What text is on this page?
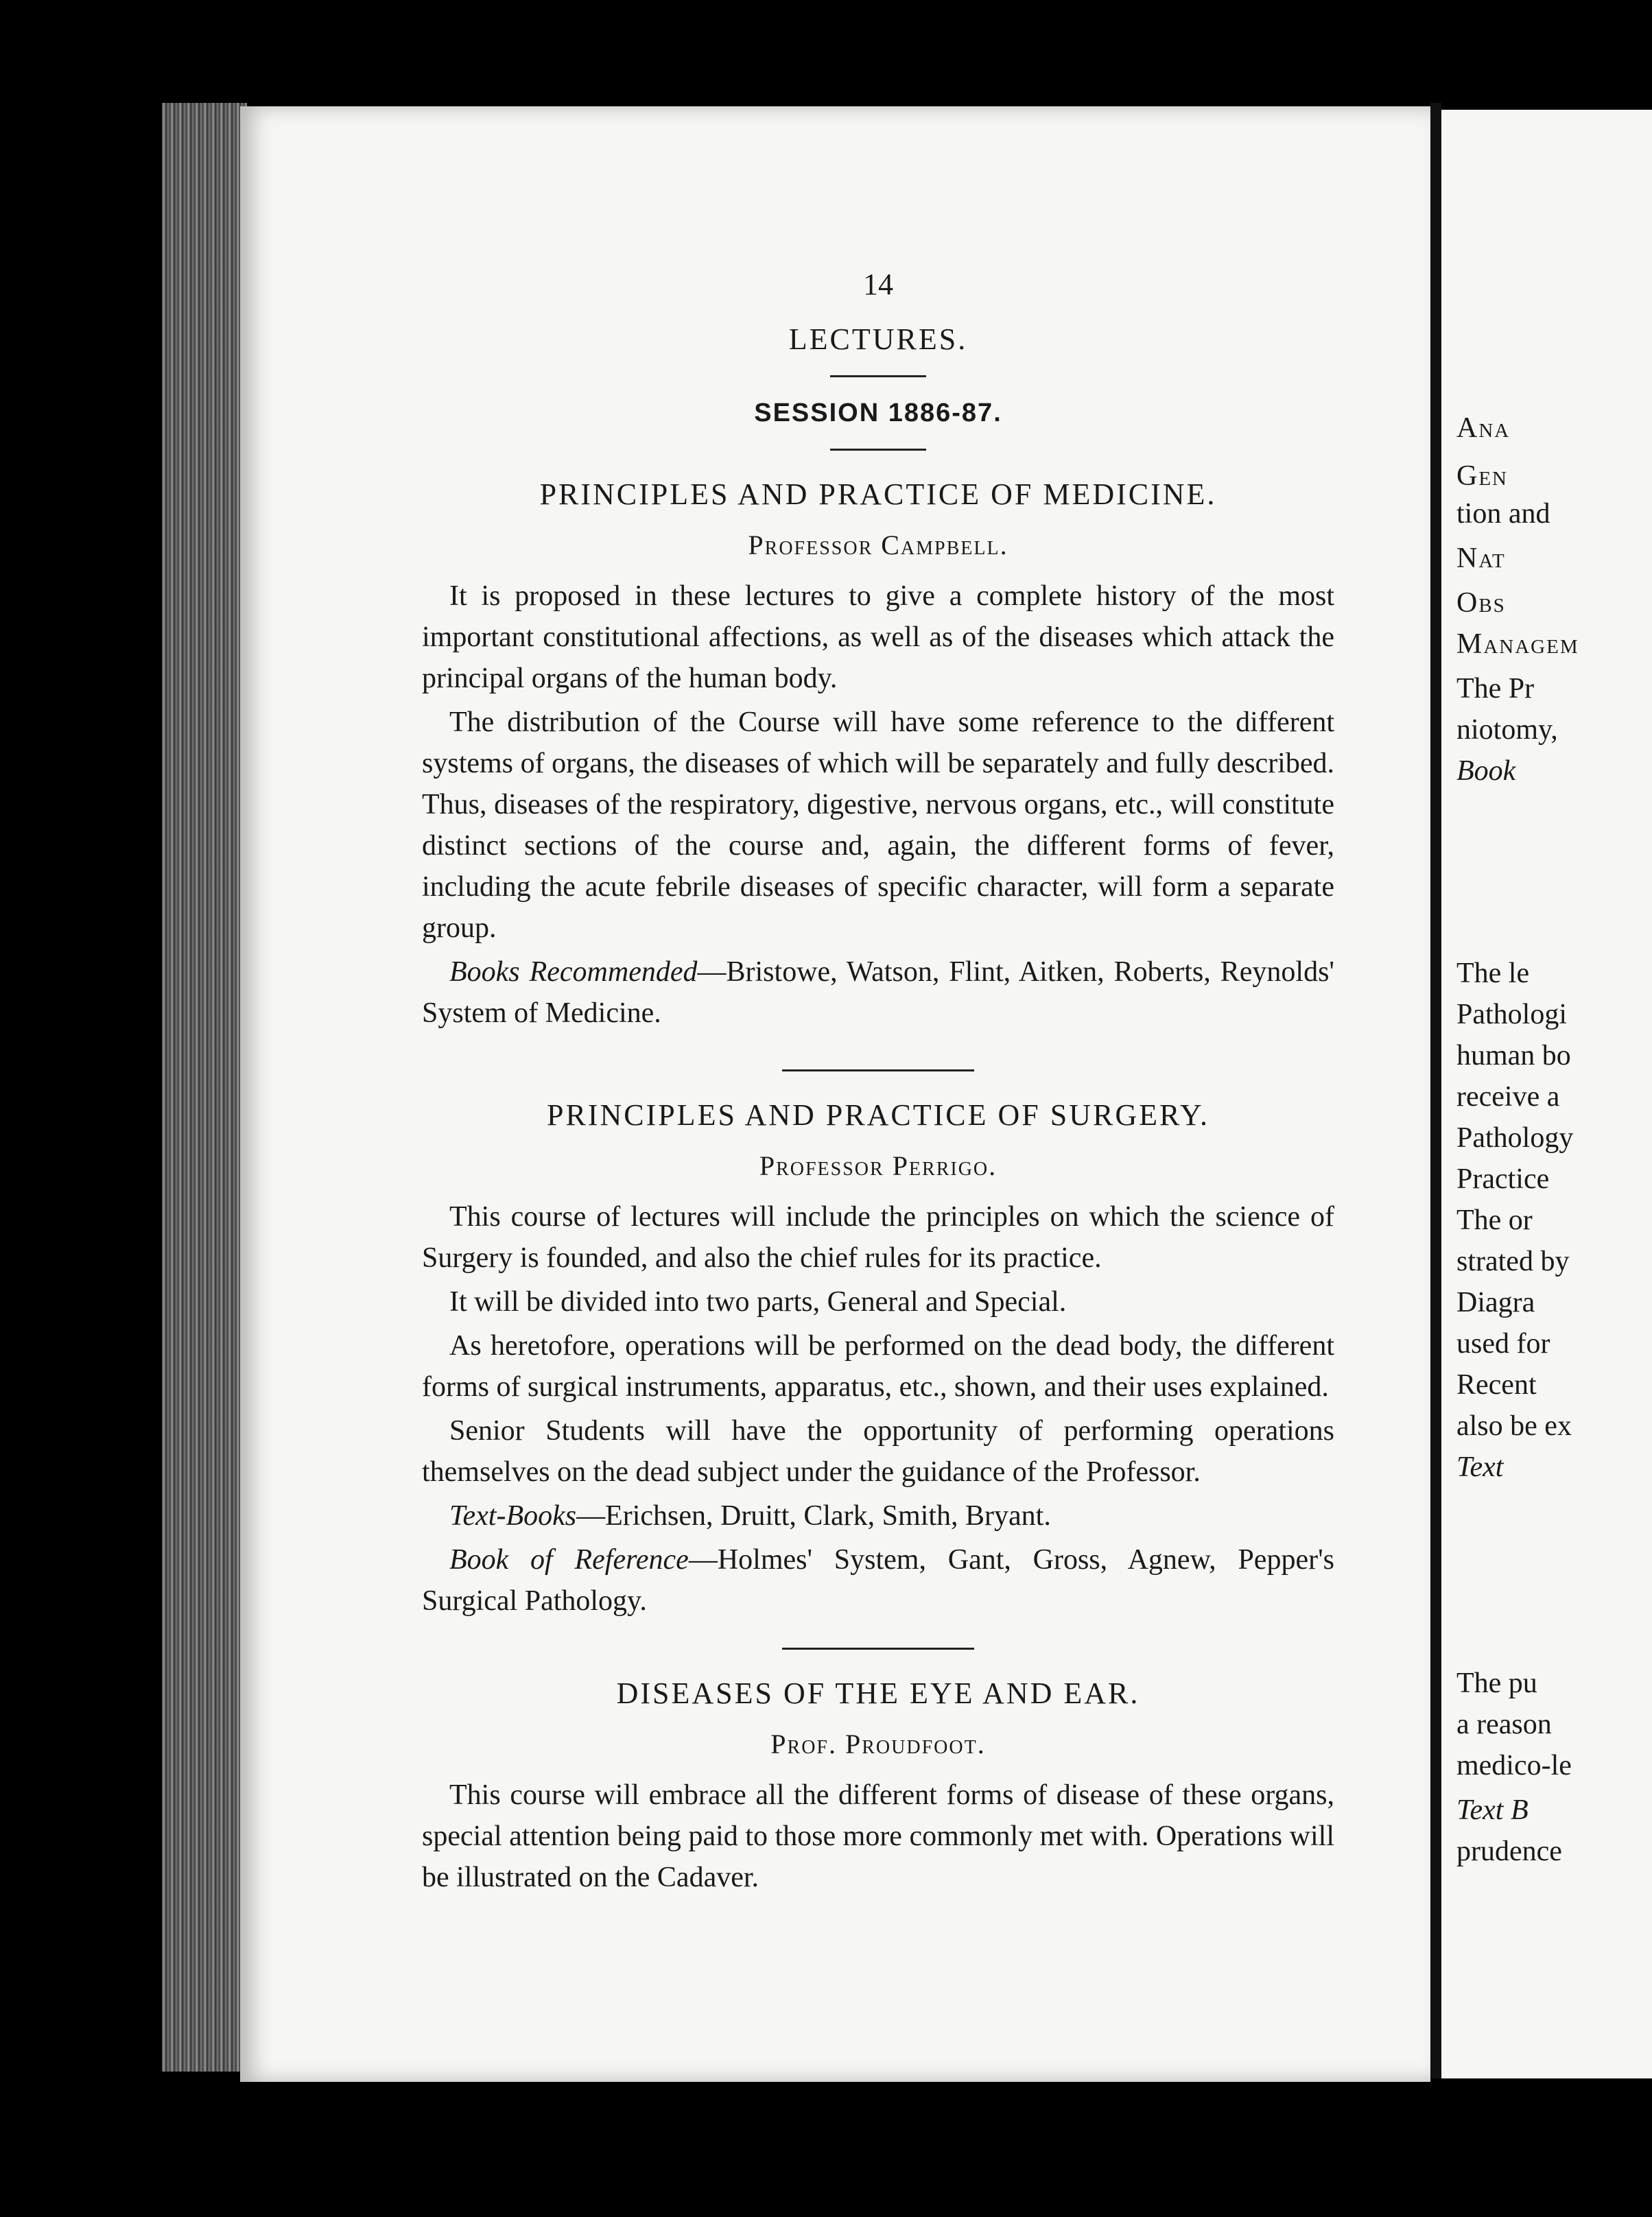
14
LECTURES.
SESSION 1886-87.
PRINCIPLES AND PRACTICE OF MEDICINE.
Professor Campbell.

It is proposed in these lectures to give a complete history of the most important constitutional affections, as well as of the diseases which attack the principal organs of the human body.

The distribution of the Course will have some reference to the different systems of organs, the diseases of which will be separately and fully described. Thus, diseases of the respiratory, digestive, nervous organs, etc., will constitute distinct sections of the course and, again, the different forms of fever, including the acute febrile diseases of specific character, will form a separate group.

Books Recommended—Bristowe, Watson, Flint, Aitken, Roberts, Reynolds' System of Medicine.

PRINCIPLES AND PRACTICE OF SURGERY.
Professor Perrigo.

This course of lectures will include the principles on which the science of Surgery is founded, and also the chief rules for its practice.

It will be divided into two parts, General and Special.

As heretofore, operations will be performed on the dead body, the different forms of surgical instruments, apparatus, etc., shown, and their uses explained.

Senior Students will have the opportunity of performing operations themselves on the dead subject under the guidance of the Professor.

Text-Books—Erichsen, Druitt, Clark, Smith, Bryant.

Book of Reference—Holmes' System, Gant, Gross, Agnew, Pepper's Surgical Pathology.

DISEASES OF THE EYE AND EAR.
Prof. Proudfoot.

This course will embrace all the different forms of disease of these organs, special attention being paid to those more commonly met with. Operations will be illustrated on the Cadaver.

Ana
Gen
tion and
Nat
Obs
Managem
The Pr
niotomy,
Book
The le
Pathologi
human bo
receive a
Pathology
Practice
The or
strated by
Diagra
used for
Recent
also be ex
Text
The pu
a reason
medico-le
Text B
prudence
